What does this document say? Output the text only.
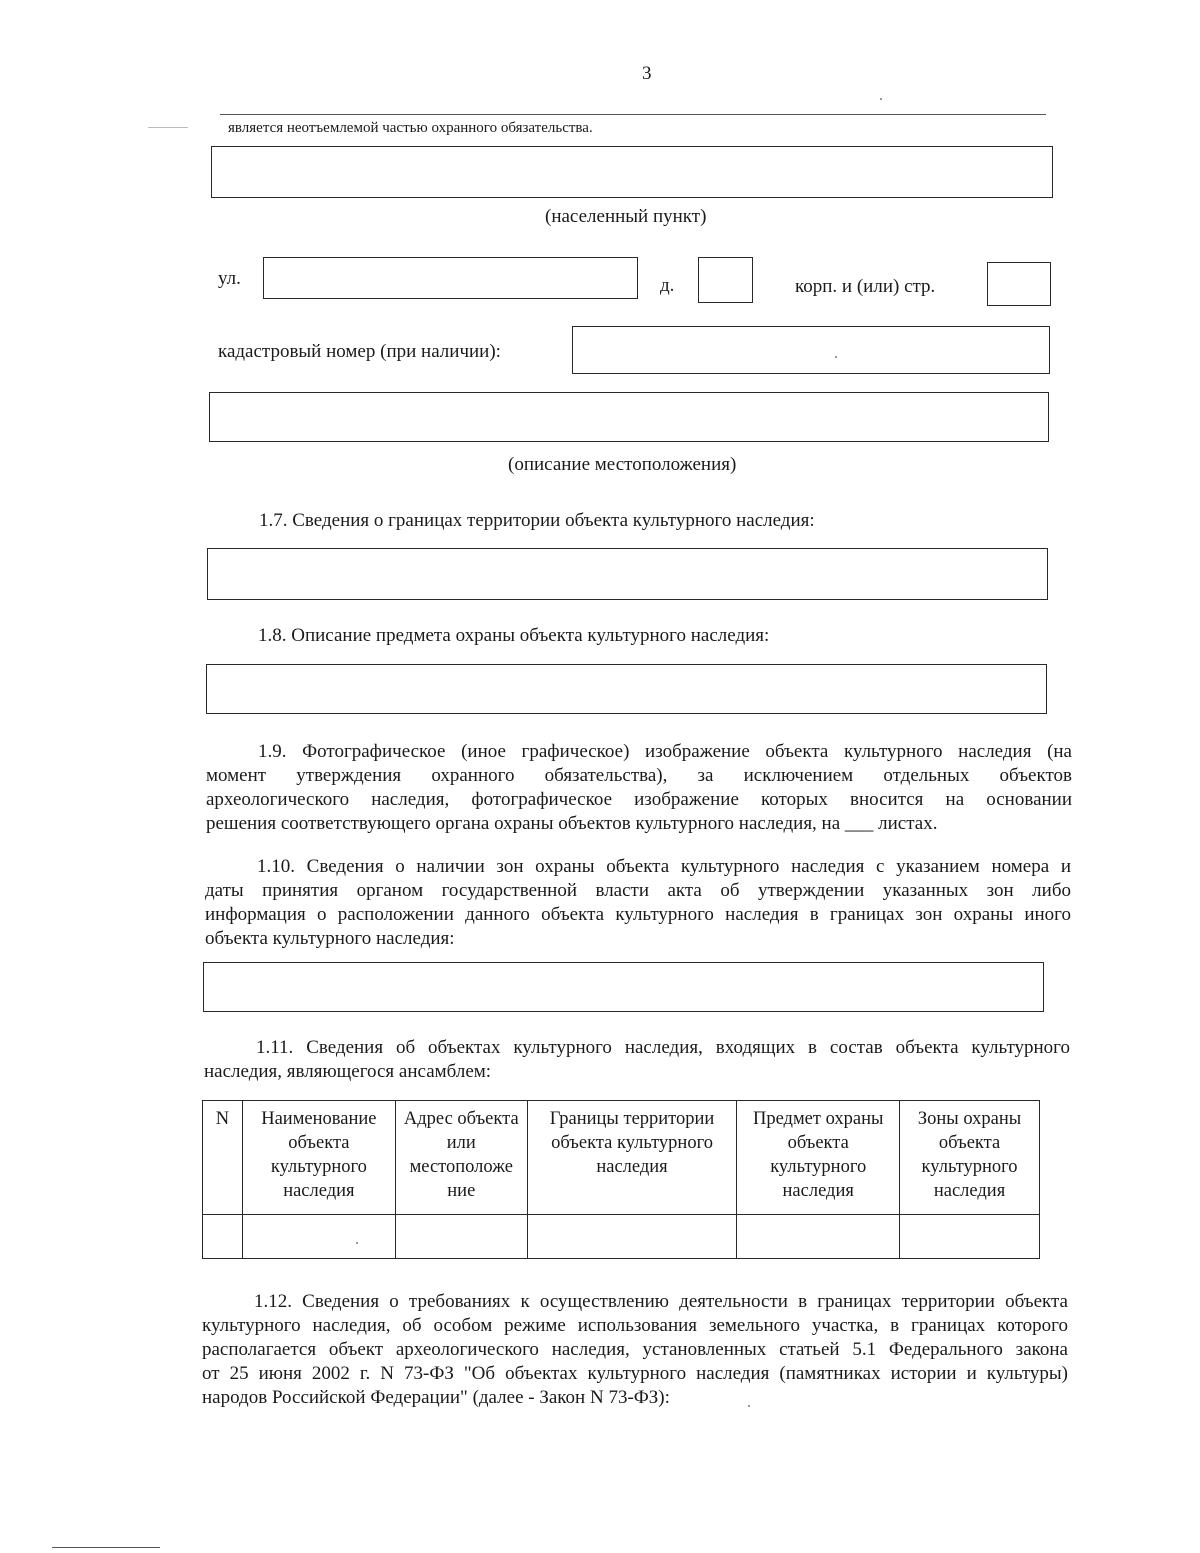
3
является неотъемлемой частью охранного обязательства.
(населенный пункт)
ул.	д.	корп. и (или) стр.
кадастровый номер (при наличии):
(описание местоположения)
1.7. Сведения о границах территории объекта культурного наследия:
1.8. Описание предмета охраны объекта культурного наследия:
1.9. Фотографическое (иное графическое) изображение объекта культурного наследия (на
момент утверждения охранного обязательства), за исключением отдельных объектов
археологического наследия, фотографическое изображение которых вносится на основании
решения соответствующего органа охраны объектов культурного наследия, на ___ листах.
1.10. Сведения о наличии зон охраны объекта культурного наследия с указанием номера и
даты принятия органом государственной власти акта об утверждении указанных зон либо
информация о расположении данного объекта культурного наследия в границах зон охраны иного
объекта культурного наследия:
1.11. Сведения об объектах культурного наследия, входящих в состав объекта культурного
наследия, являющегося ансамблем:
N	Наименование объекта культурного наследия	Адрес объекта или местоположе ние	Границы территории объекта культурного наследия	Предмет охраны объекта культурного наследия	Зоны охраны объекта культурного наследия

1.12. Сведения о требованиях к осуществлению деятельности в границах территории объекта
культурного наследия, об особом режиме использования земельного участка, в границах которого
располагается объект археологического наследия, установленных статьей 5.1 Федерального закона
от 25 июня 2002 г. N 73-ФЗ "Об объектах культурного наследия (памятниках истории и культуры)
народов Российской Федерации" (далее - Закон N 73-ФЗ):
